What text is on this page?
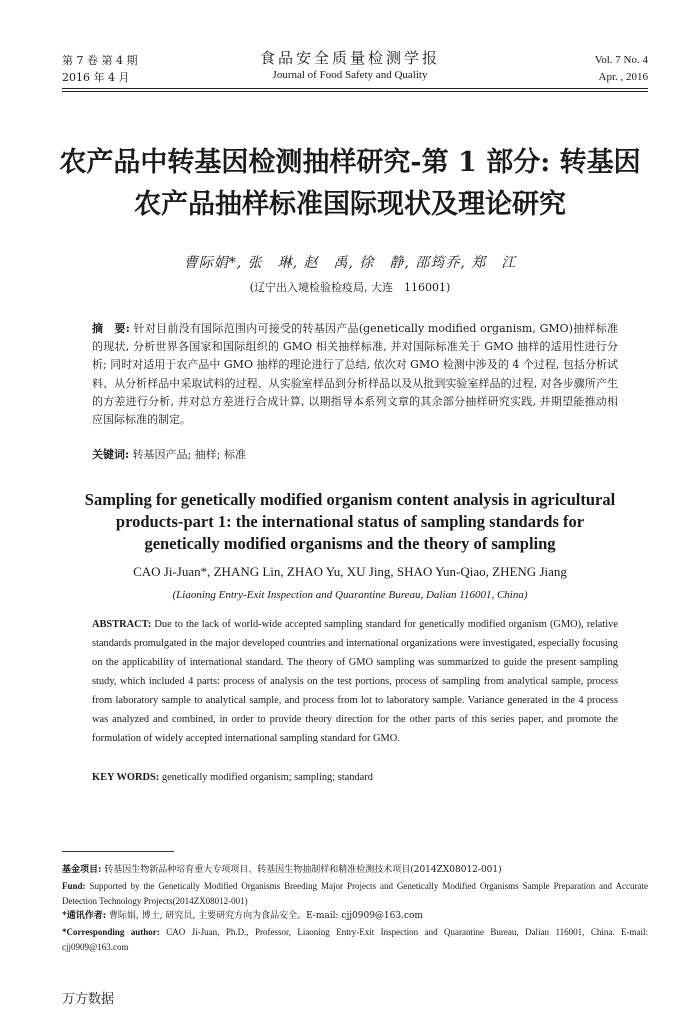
第 7 卷 第 4 期
2016 年 4 月
食品安全质量检测学报
Journal of Food Safety and Quality
Vol. 7 No. 4
Apr. , 2016
农产品中转基因检测抽样研究-第 1 部分: 转基因
农产品抽样标准国际现状及理论研究
曹际娟*, 张　琳, 赵　禹, 徐　静, 邵筠乔, 郑　江
(辽宁出入境检验检疫局, 大连　116001)
摘　要: 针对目前没有国际范围内可接受的转基因产品(genetically modified organism, GMO)抽样标准的现状, 分析世界各国家和国际组织的 GMO 相关抽样标准, 并对国际标准关于 GMO 抽样的适用性进行分析; 同时对适用于农产品中 GMO 抽样的理论进行了总结, 依次对 GMO 检测中涉及的 4 个过程, 包括分析试料、从分析样品中采取试料的过程、从实验室样品到分析样品以及从批到实验室样品的过程, 对各步骤所产生的方差进行分析, 并对总方差进行合成计算, 以期指导本系列文章的其余部分抽样研究实践, 并期望能推动相应国际标准的制定。
关键词: 转基因产品; 抽样; 标准
Sampling for genetically modified organism content analysis in agricultural
products-part 1: the international status of sampling standards for
genetically modified organisms and the theory of sampling
CAO Ji-Juan*, ZHANG Lin, ZHAO Yu, XU Jing, SHAO Yun-Qiao, ZHENG Jiang
(Liaoning Entry-Exit Inspection and Quarantine Bureau, Dalian 116001, China)
ABSTRACT: Due to the lack of world-wide accepted sampling standard for genetically modified organism (GMO), relative standards promulgated in the major developed countries and international organizations were investigated, especially focusing on the applicability of international standard. The theory of GMO sampling was summarized to guide the present sampling study, which included 4 parts: process of analysis on the test portions, process of sampling from analytical sample, process from laboratory sample to analytical sample, and process from lot to laboratory sample. Variance generated in the 4 process was analyzed and combined, in order to provide theory direction for the other parts of this series paper, and promote the formulation of widely accepted international sampling standard for GMO.
KEY WORDS: genetically modified organism; sampling; standard
基金项目: 转基因生物新品种培育重大专项项目、转基因生物抽制样和精准检测技术项目(2014ZX08012-001)
Fund: Supported by the Genetically Modified Organisms Breeding Major Projects and Genetically Modified Organisms Sample Preparation and Accurate Detection Technology Projects(2014ZX08012-001)
*通讯作者: 曹际娟, 博士, 研究员, 主要研究方向为食品安全。E-mail: cjj0909@163.com
*Corresponding author: CAO Ji-Juan, Ph.D., Professor, Liaoning Entry-Exit Inspection and Quarantine Bureau, Dalian 116001, China. E-mail: cjj0909@163.com
万方数据
